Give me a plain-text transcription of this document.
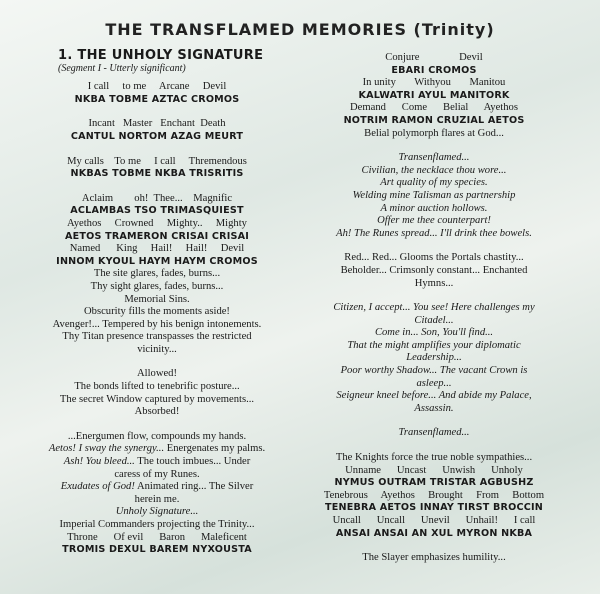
THE TRANSFLAMED MEMORIES (Trinity)
1. THE UNHOLY SIGNATURE
(Segment I - Utterly significant)
I call     to me     Arcane     Devil
NKBA TOBME AZTAC CROMOS
Incant   Master   Enchant  Death
CANTUL NORTOM AZAG MEURT
My calls    To me     I call     Thremendous
NKBAS TOBME NKBA TRISRITIS
Aclaim        oh!  Thee...    Magnific
ACLAMBAS TSO TRIMASQUIEST
Ayethos     Crowned     Mighty..     Mighty
AETOS TRAMERON CRISAI CRISAI
Named      King     Hail!     Hail!     Devil
INNOM KYOUL HAYM HAYM CROMOS
The site glares, fades, burns...
Thy sight glares, fades, burns...
Memorial Sins.
Obscurity fills the moments aside!
Avenger!... Tempered by his benign intonements.
Thy Titan presence transpasses the restricted
vicinity...
Allowed!
The bonds lifted to tenebrific posture...
The secret Window captured by movements...
Absorbed!
...Energumen flow, compounds my hands.
Aetos! I sway the synergy... Energenates my palms.
Ash! You bleed... The touch imbues... Under
caress of my Runes.
Exudates of God! Animated ring... The Silver
herein me.
Unholy Signature...
Imperial Commanders projecting the Trinity...
Throne      Of evil      Baron      Maleficent
TROMIS DEXUL BAREM NYXOUSTA
Conjure               Devil
EBARI CROMOS
In unity       Withyou       Manitou
KALWATRI AYUL MANITORK
Demand      Come      Belial      Ayethos
NOTRIM RAMON CRUZIAL AETOS
Belial polymorph flares at God...
Transenflamed...
Civilian, the necklace thou wore...
Art quality of my species.
Welding mine Talisman as partnership
A minor auction hollows.
Offer me thee counterpart!
Ah! The Runes spread... I'll drink thee bowels.
Red... Red... Glooms the Portals chastity...
Beholder... Crimsonly constant... Enchanted
Hymns...
Citizen, I accept... You see! Here challenges my
Citadel...
Come in... Son, You'll find...
That the might amplifies your diplomatic
Leadership...
Poor worthy Shadow... The vacant Crown is
asleep...
Seigneur kneel before... And abide my Palace,
Assassin.
Transenflamed...
The Knights force the true noble sympathies...
Unname      Uncast      Unwish      Unholy
NYMUS OUTRAM TRISTAR AGBUSHZ
Tenebrous     Ayethos     Brought     From     Bottom
TENEBRA AETOS INNAY TIRST BROCCIN
Uncall      Uncall      Unevil      Unhail!      I call
ANSAI ANSAI AN XUL MYRON NKBA
The Slayer emphasizes humility...
